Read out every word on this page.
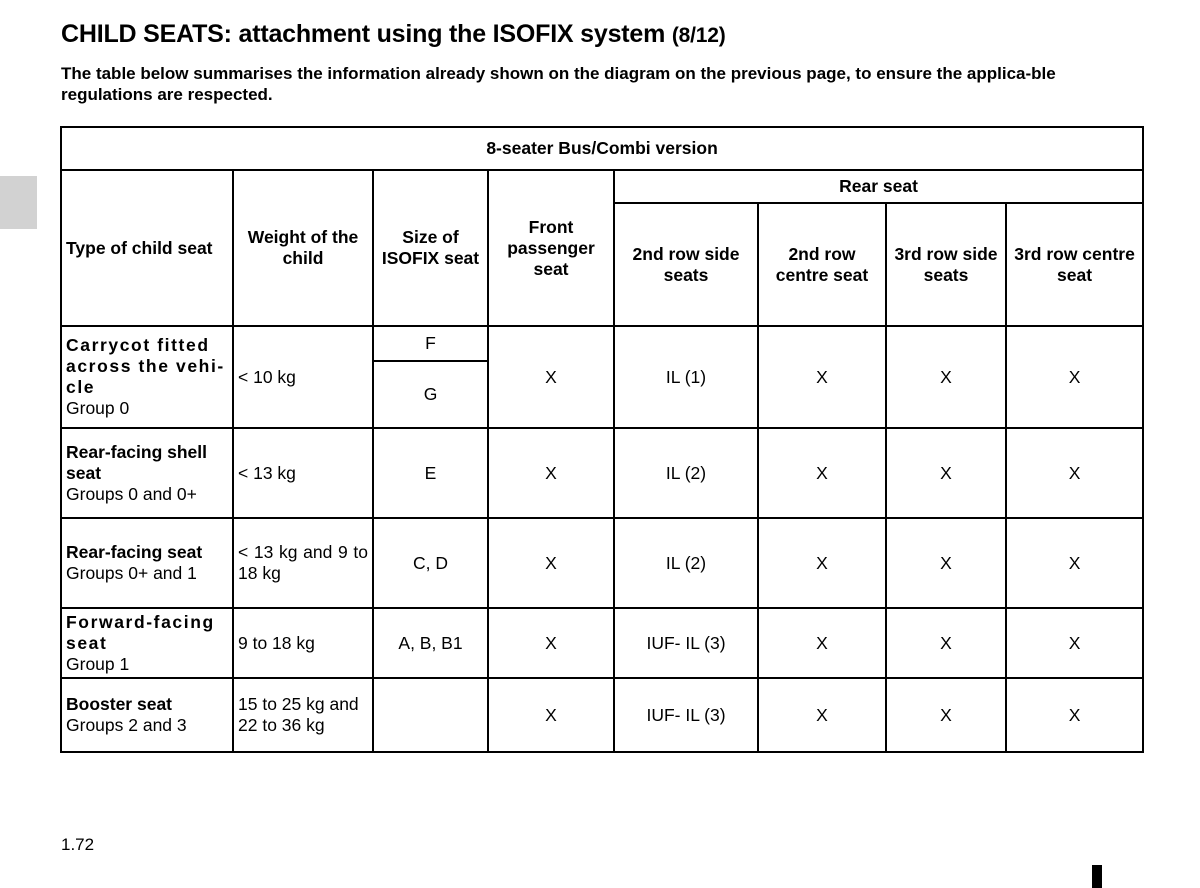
CHILD SEATS: attachment using the ISOFIX system (8/12)
The table below summarises the information already shown on the diagram on the previous page, to ensure the applica-ble regulations are respected.
8-seater Bus/Combi version							
Type of child seat	Weight of the child	Size of ISOFIX seat	Front passenger seat	Rear seat			
				2nd row side seats	2nd row centre seat	3rd row side seats	3rd row centre seat

Carrycot fitted across the vehi-cle
Group 0	< 10 kg	F	X	IL (1)	X	X	X
		G					

Rear-facing shell seat
Groups 0 and 0+	< 13 kg	E	X	IL (2)	X	X	X

Rear-facing seat
Groups 0+ and 1	< 13 kg and 9 to 18 kg	C, D	X	IL (2)	X	X	X

Forward-facing seat
Group 1	9 to 18 kg	A, B, B1	X	IUF- IL (3)	X	X	X

Booster seat
Groups 2 and 3	15 to 25 kg and 22 to 36 kg		X	IUF- IL (3)	X	X	X
1.72
